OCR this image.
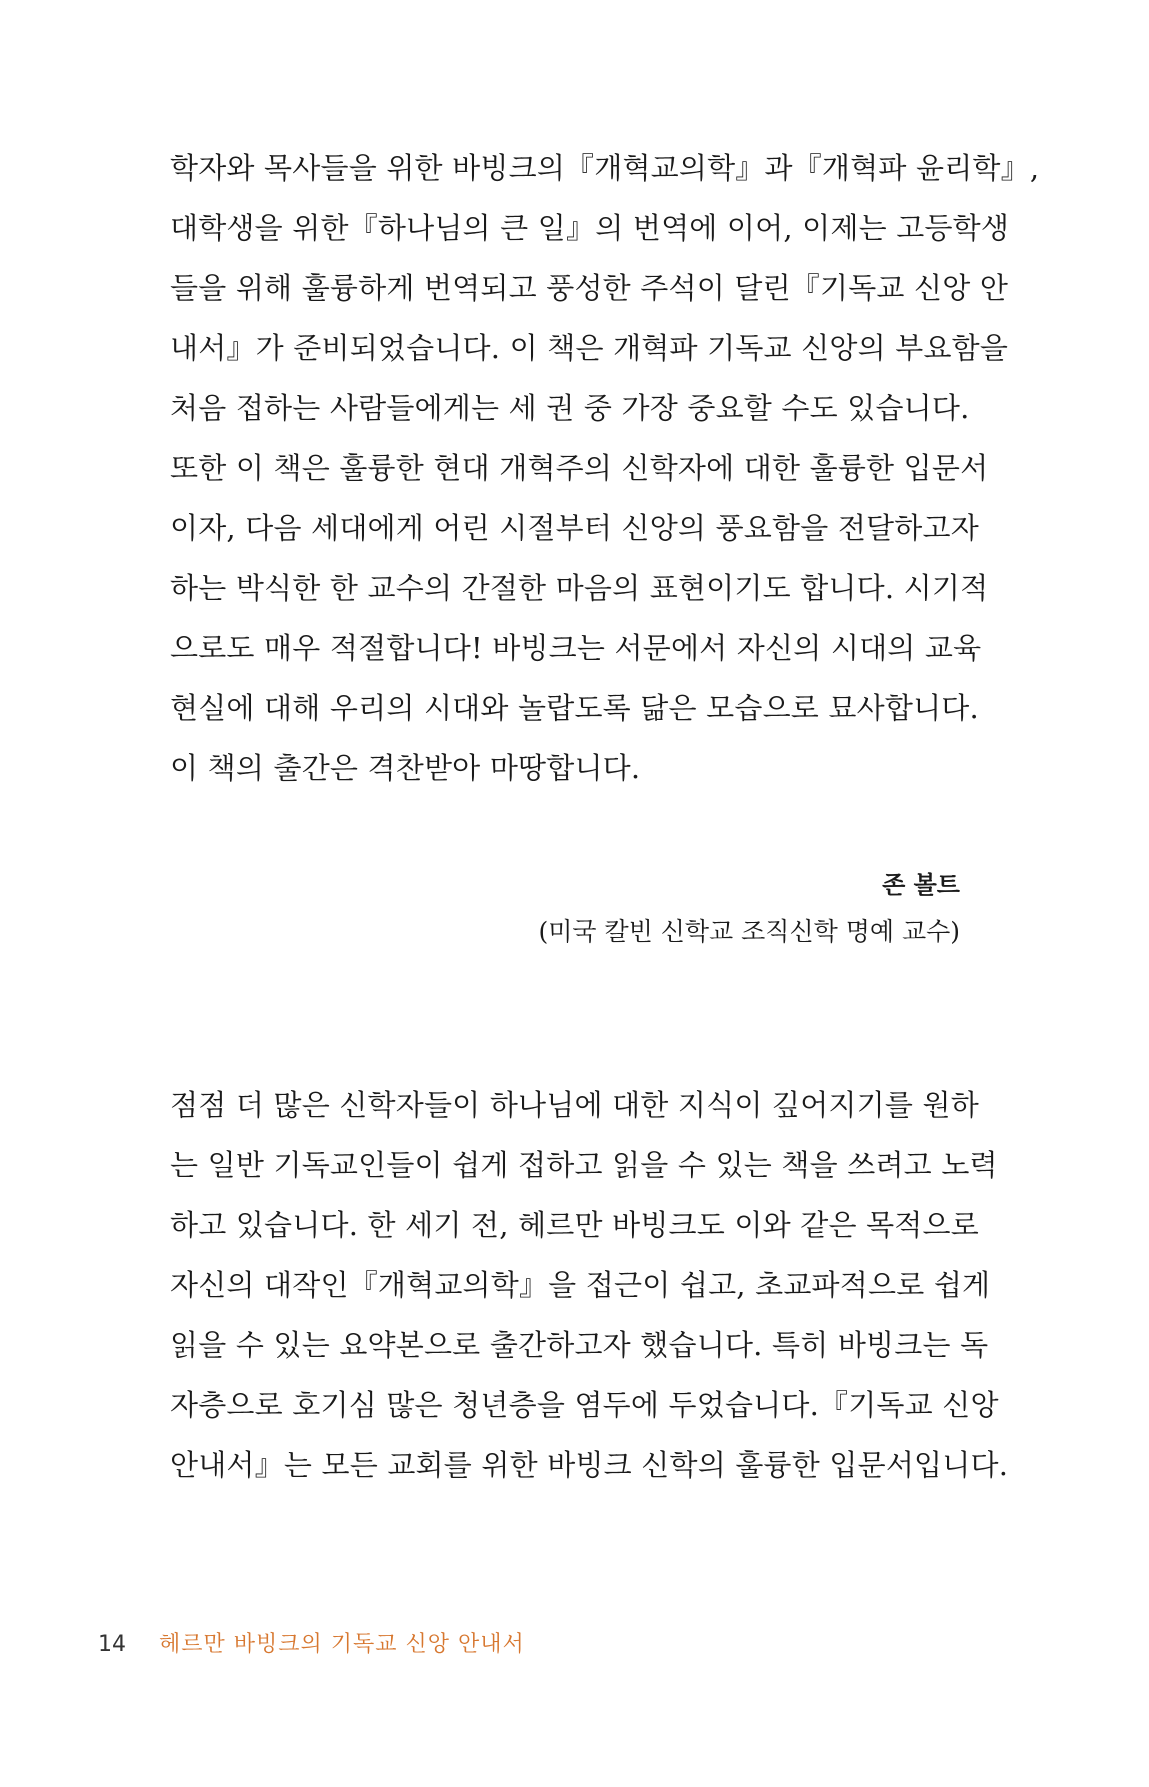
학자와 목사들을 위한 바빙크의『개혁교의학』과『개혁파 윤리학』,
대학생을 위한『하나님의 큰 일』의 번역에 이어, 이제는 고등학생
들을 위해 훌륭하게 번역되고 풍성한 주석이 달린『기독교 신앙 안
내서』가 준비되었습니다. 이 책은 개혁파 기독교 신앙의 부요함을
처음 접하는 사람들에게는 세 권 중 가장 중요할 수도 있습니다.
또한 이 책은 훌륭한 현대 개혁주의 신학자에 대한 훌륭한 입문서
이자, 다음 세대에게 어린 시절부터 신앙의 풍요함을 전달하고자
하는 박식한 한 교수의 간절한 마음의 표현이기도 합니다. 시기적
으로도 매우 적절합니다! 바빙크는 서문에서 자신의 시대의 교육
현실에 대해 우리의 시대와 놀랍도록 닮은 모습으로 묘사합니다.
이 책의 출간은 격찬받아 마땅합니다.
존 볼트
(미국 칼빈 신학교 조직신학 명예 교수)
점점 더 많은 신학자들이 하나님에 대한 지식이 깊어지기를 원하
는 일반 기독교인들이 쉽게 접하고 읽을 수 있는 책을 쓰려고 노력
하고 있습니다. 한 세기 전, 헤르만 바빙크도 이와 같은 목적으로
자신의 대작인『개혁교의학』을 접근이 쉽고, 초교파적으로 쉽게
읽을 수 있는 요약본으로 출간하고자 했습니다. 특히 바빙크는 독
자층으로 호기심 많은 청년층을 염두에 두었습니다.『기독교 신앙
안내서』는 모든 교회를 위한 바빙크 신학의 훌륭한 입문서입니다.
14 헤르만 바빙크의 기독교 신앙 안내서
